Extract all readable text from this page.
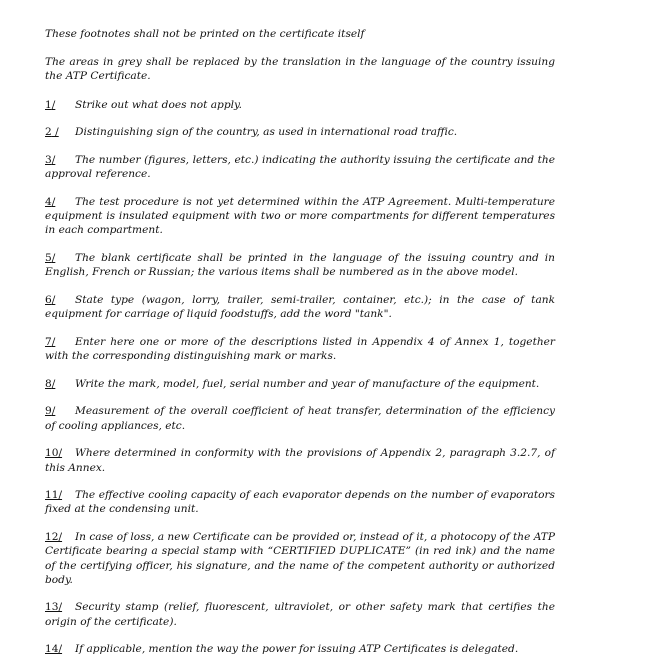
These footnotes shall not be printed on the certificate itself

The areas in grey shall be replaced by the translation in the language of the country issuing the ATP Certificate.

1/ Strike out what does not apply.

2 / Distinguishing sign of the country, as used in international road traffic.

3/ The number (figures, letters, etc.) indicating the authority issuing the certificate and the approval reference.

4/ The test procedure is not yet determined within the ATP Agreement. Multi-temperature equipment is insulated equipment with two or more compartments for different temperatures in each compartment.

5/ The blank certificate shall be printed in the language of the issuing country and in English, French or Russian; the various items shall be numbered as in the above model.

6/ State type (wagon, lorry, trailer, semi-trailer, container, etc.); in the case of tank equipment for carriage of liquid foodstuffs, add the word "tank".

7/ Enter here one or more of the descriptions listed in Appendix 4 of Annex 1, together with the corresponding distinguishing mark or marks.

8/ Write the mark, model, fuel, serial number and year of manufacture of the equipment.

9/ Measurement of the overall coefficient of heat transfer, determination of the efficiency of cooling appliances, etc.

10/ Where determined in conformity with the provisions of Appendix 2, paragraph 3.2.7, of this Annex.

11/ The effective cooling capacity of each evaporator depends on the number of evaporators fixed at the condensing unit.

12/ In case of loss, a new Certificate can be provided or, instead of it, a photocopy of the ATP Certificate bearing a special stamp with “CERTIFIED DUPLICATE” (in red ink) and the name of the certifying officer, his signature, and the name of the competent authority or authorized body.

13/ Security stamp (relief, fluorescent, ultraviolet, or other safety mark that certifies the origin of the certificate).

14/ If applicable, mention the way the power for issuing ATP Certificates is delegated.
